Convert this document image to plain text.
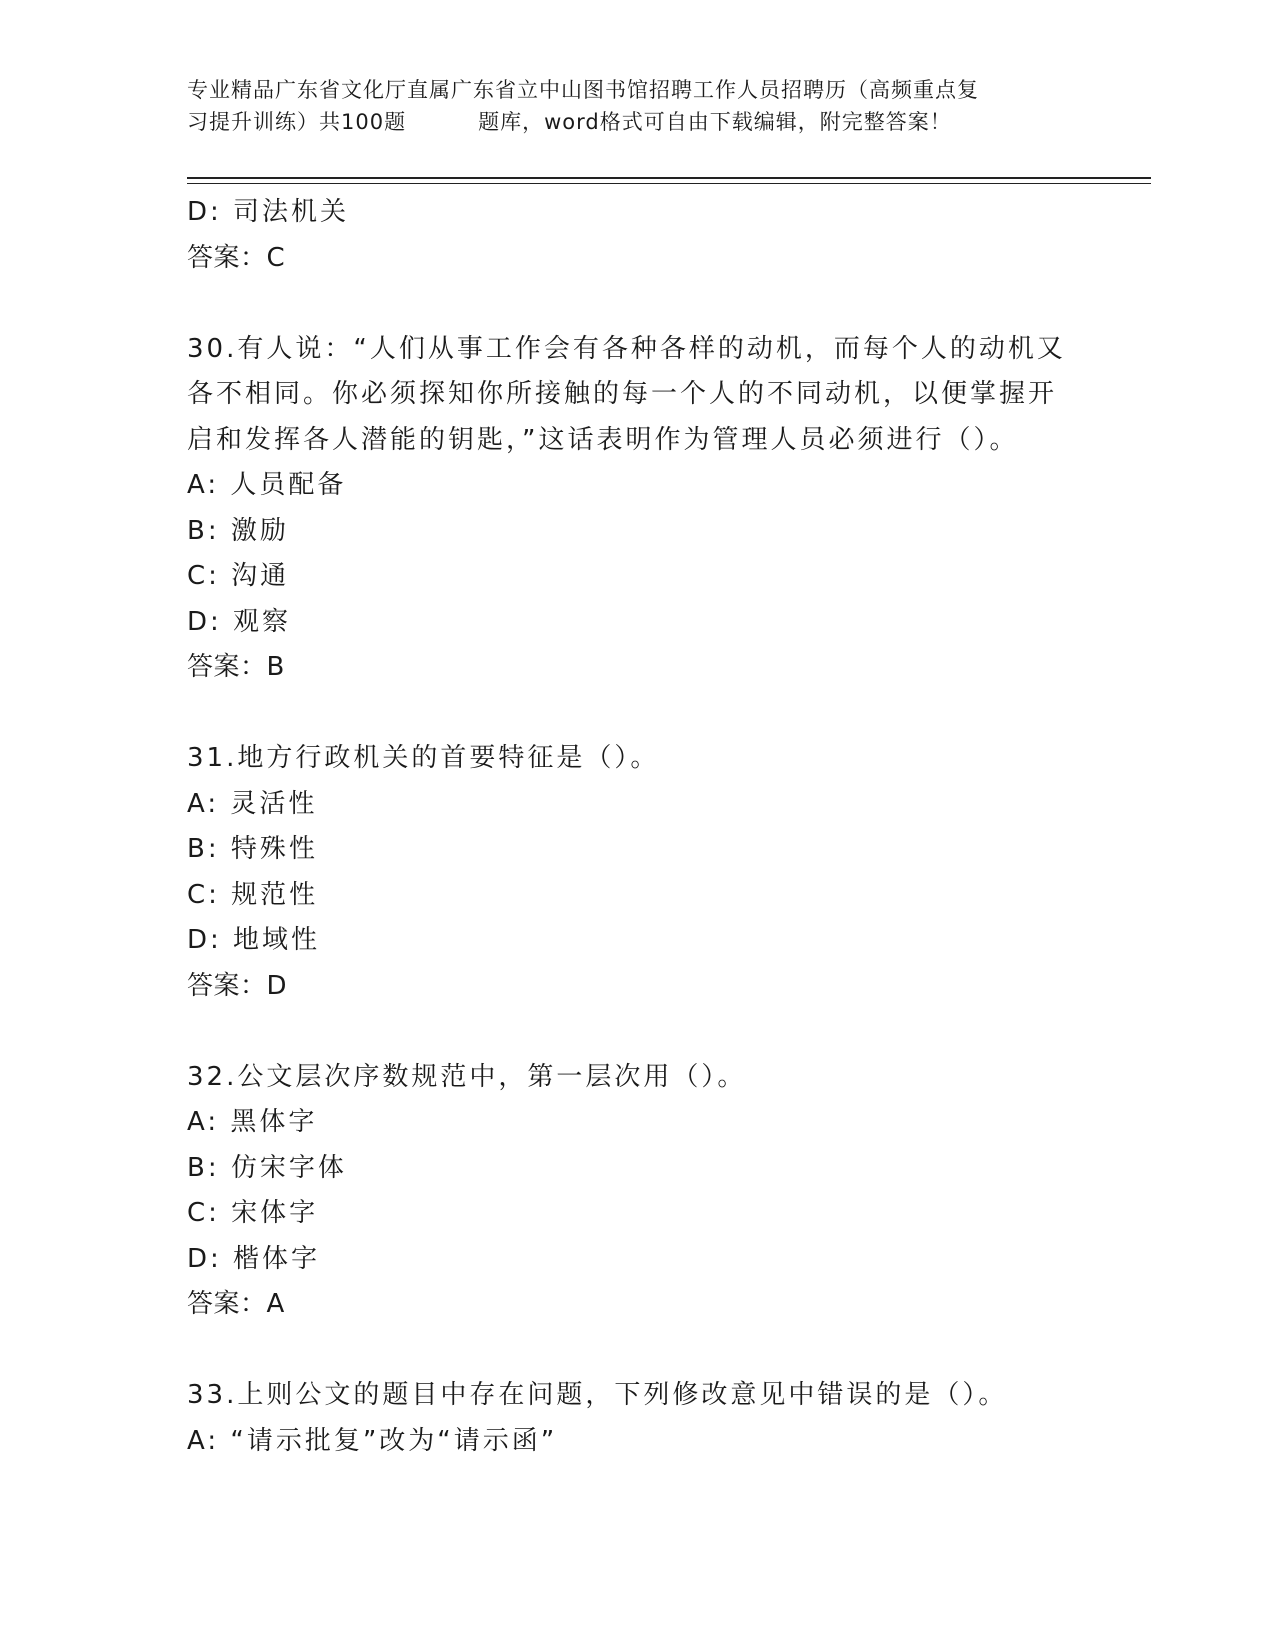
专业精品广东省文化厅直属广东省立中山图书馆招聘工作人员招聘历（高频重点复
习提升训练）共100题	题库，word格式可自由下载编辑，附完整答案！
D: 司法机关
答案：C
30.有人说：“人们从事工作会有各种各样的动机，而每个人的动机又
各不相同。你必须探知你所接触的每一个人的不同动机，以便掌握开
启和发挥各人潜能的钥匙，”这话表明作为管理人员必须进行（）。
A: 人员配备
B: 激励
C: 沟通
D: 观察
答案：B
31.地方行政机关的首要特征是（）。
A: 灵活性
B: 特殊性
C: 规范性
D: 地域性
答案：D
32.公文层次序数规范中，第一层次用（）。
A: 黑体字
B: 仿宋字体
C: 宋体字
D: 楷体字
答案：A
33.上则公文的题目中存在问题，下列修改意见中错误的是（）。
A: “请示批复”改为“请示函”
